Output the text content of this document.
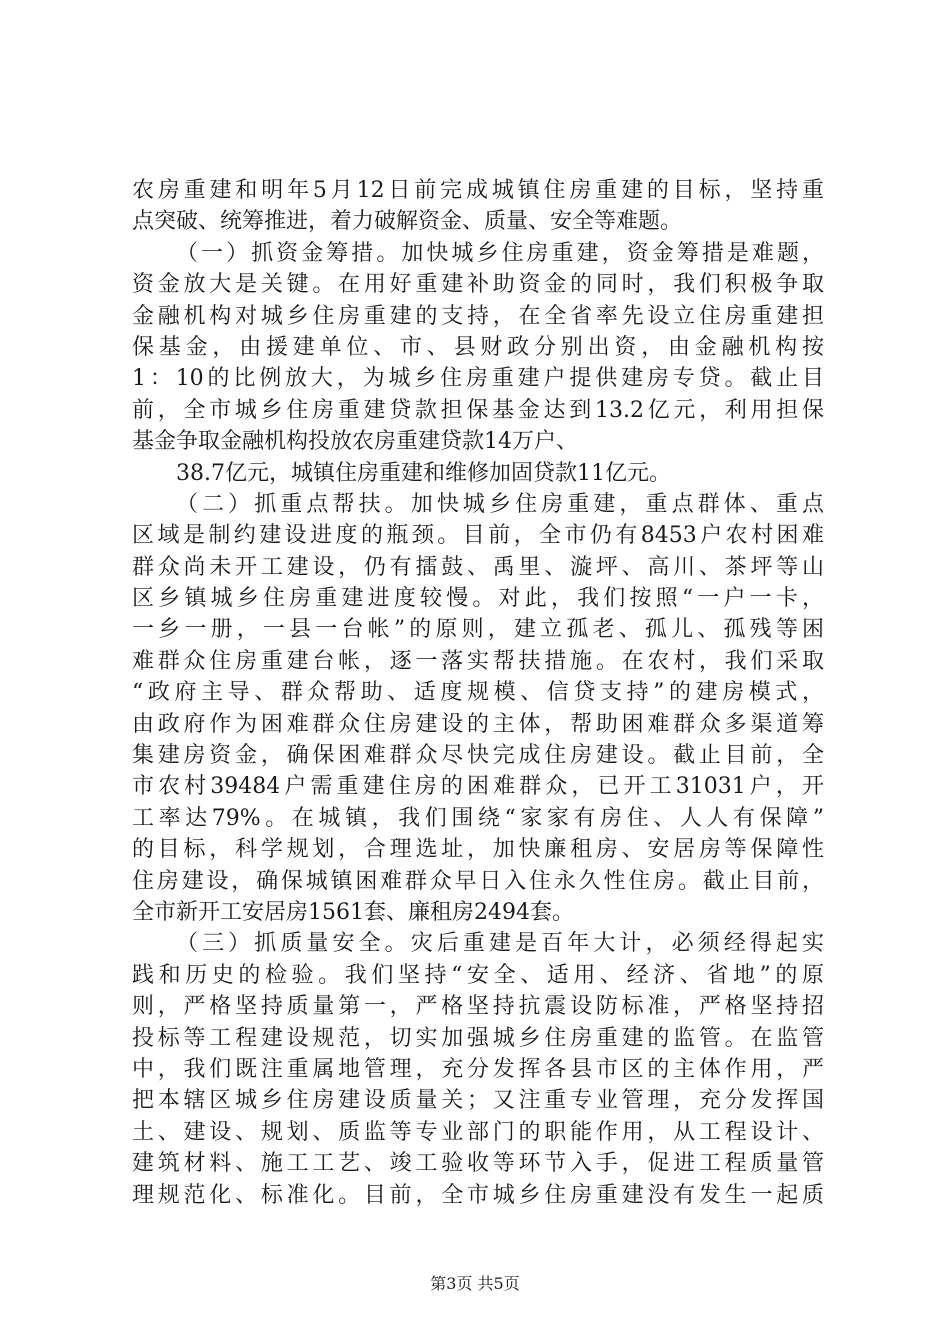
农房重建和明年5月12日前完成城镇住房重建的目标，坚持重
点突破、统筹推进，着力破解资金、质量、安全等难题。
（一）抓资金筹措。加快城乡住房重建，资金筹措是难题，
资金放大是关键。在用好重建补助资金的同时，我们积极争取
金融机构对城乡住房重建的支持，在全省率先设立住房重建担
保基金，由援建单位、市、县财政分别出资，由金融机构按
1：10的比例放大，为城乡住房重建户提供建房专贷。截止目
前，全市城乡住房重建贷款担保基金达到13.2亿元，利用担保
基金争取金融机构投放农房重建贷款14万户、
38.7亿元，城镇住房重建和维修加固贷款11亿元。
（二）抓重点帮扶。加快城乡住房重建，重点群体、重点
区域是制约建设进度的瓶颈。目前，全市仍有8453户农村困难
群众尚未开工建设，仍有擂鼓、禹里、漩坪、高川、茶坪等山
区乡镇城乡住房重建进度较慢。对此，我们按照“一户一卡，
一乡一册，一县一台帐”的原则，建立孤老、孤儿、孤残等困
难群众住房重建台帐，逐一落实帮扶措施。在农村，我们采取
“政府主导、群众帮助、适度规模、信贷支持”的建房模式，
由政府作为困难群众住房建设的主体，帮助困难群众多渠道筹
集建房资金，确保困难群众尽快完成住房建设。截止目前，全
市农村39484户需重建住房的困难群众，已开工31031户，开
工率达79%。在城镇，我们围绕“家家有房住、人人有保障”
的目标，科学规划，合理选址，加快廉租房、安居房等保障性
住房建设，确保城镇困难群众早日入住永久性住房。截止目前，
全市新开工安居房1561套、廉租房2494套。
（三）抓质量安全。灾后重建是百年大计，必须经得起实
践和历史的检验。我们坚持“安全、适用、经济、省地”的原
则，严格坚持质量第一，严格坚持抗震设防标准，严格坚持招
投标等工程建设规范，切实加强城乡住房重建的监管。在监管
中，我们既注重属地管理，充分发挥各县市区的主体作用，严
把本辖区城乡住房建设质量关；又注重专业管理，充分发挥国
土、建设、规划、质监等专业部门的职能作用，从工程设计、
建筑材料、施工工艺、竣工验收等环节入手，促进工程质量管
理规范化、标准化。目前，全市城乡住房重建没有发生一起质
第3页 共5页
